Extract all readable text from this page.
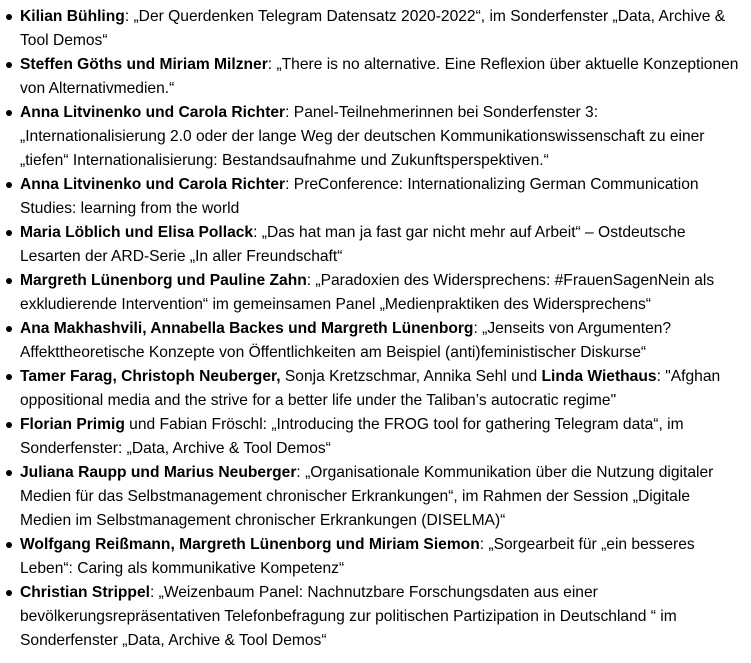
Kilian Bühling: „Der Querdenken Telegram Datensatz 2020-2022“, im Sonderfenster „Data, Archive & Tool Demos“
Steffen Göths und Miriam Milzner: „There is no alternative. Eine Reflexion über aktuelle Konzeptionen von Alternativmedien.“
Anna Litvinenko und Carola Richter: Panel-Teilnehmerinnen bei Sonderfenster 3: „Internationalisierung 2.0 oder der lange Weg der deutschen Kommunikationswissenschaft zu einer „tiefen“ Internationalisierung: Bestandsaufnahme und Zukunftsperspektiven.“
Anna Litvinenko und Carola Richter: PreConference: Internationalizing German Communication Studies: learning from the world
Maria Löblich und Elisa Pollack: „Das hat man ja fast gar nicht mehr auf Arbeit“ – Ostdeutsche Lesarten der ARD-Serie „In aller Freundschaft“
Margreth Lünenborg und Pauline Zahn: „Paradoxien des Widersprechens: #FrauenSagenNein als exkludierende Intervention“ im gemeinsamen Panel „Medienpraktiken des Widersprechens“
Ana Makhashvili, Annabella Backes und Margreth Lünenborg: „Jenseits von Argumenten? Affekttheoretische Konzepte von Öffentlichkeiten am Beispiel (anti)feministischer Diskurse“
Tamer Farag, Christoph Neuberger, Sonja Kretzschmar, Annika Sehl und Linda Wiethaus: "Afghan oppositional media and the strive for a better life under the Taliban’s autocratic regime"
Florian Primig und Fabian Fröschl: „Introducing the FROG tool for gathering Telegram data“, im Sonderfenster: „Data, Archive & Tool Demos“
Juliana Raupp und Marius Neuberger: „Organisationale Kommunikation über die Nutzung digitaler Medien für das Selbstmanagement chronischer Erkrankungen“, im Rahmen der Session „Digitale Medien im Selbstmanagement chronischer Erkrankungen (DISELMA)“
Wolfgang Reißmann, Margreth Lünenborg und Miriam Siemon: „Sorgearbeit für „ein besseres Leben“: Caring als kommunikative Kompetenz“
Christian Strippel: „Weizenbaum Panel: Nachnutzbare Forschungsdaten aus einer bevölkerungsrepräsentativen Telefonbefragung zur politischen Partizipation in Deutschland “ im Sonderfenster „Data, Archive & Tool Demos“
